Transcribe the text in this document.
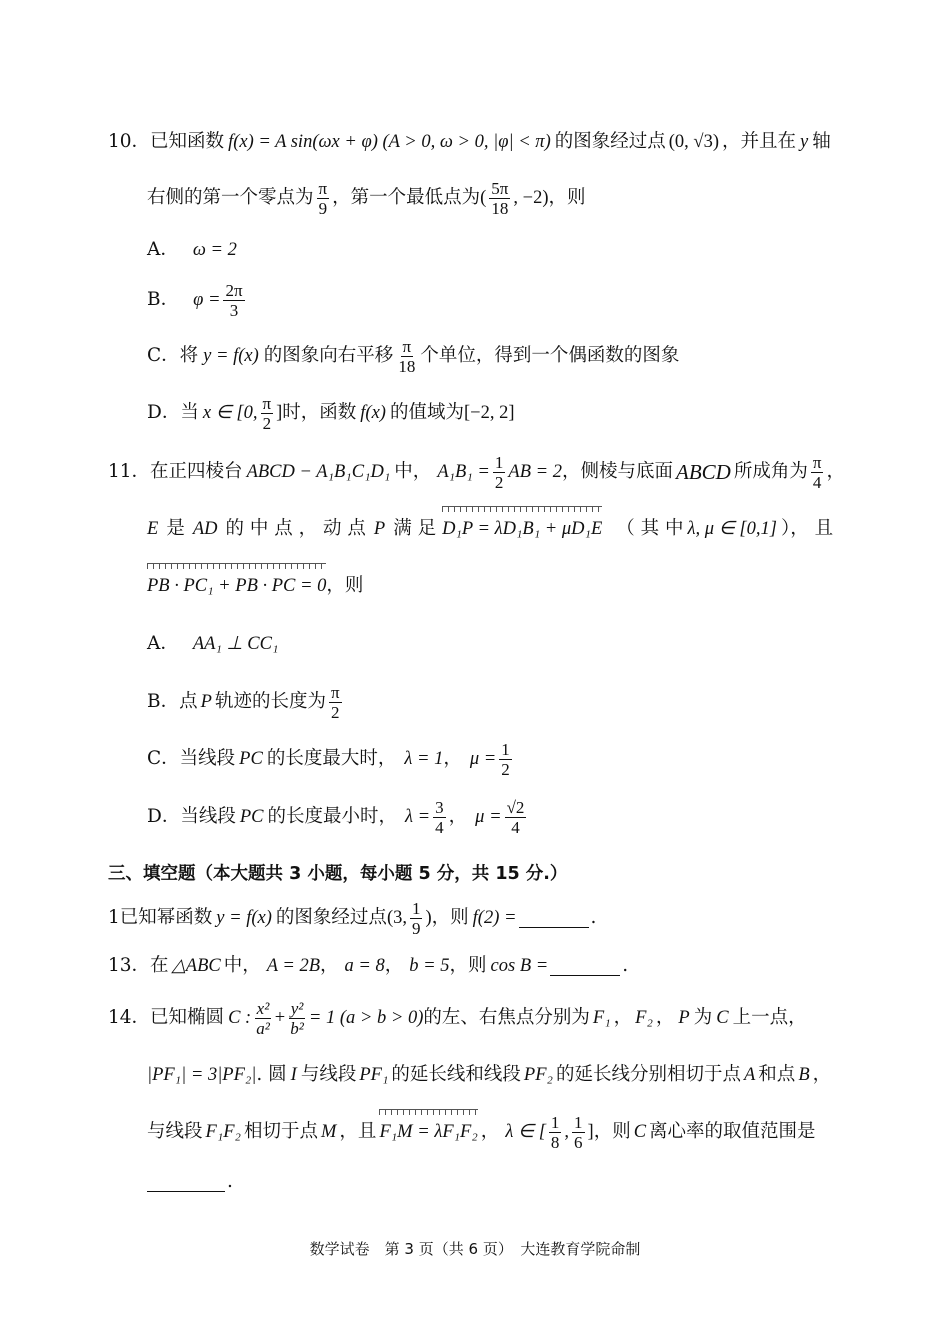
10． 已知函数 f(x) = A sin(ωx + φ) (A > 0, ω > 0, |φ| < π) 的图象经过点 (0, √3) ，并且在 y 轴
右侧的第一个零点为 $\frac{\pi}{9}$ ，第一个最低点为 ( $\frac{5\pi}{18}$ , −2) ，则
A． ω = 2
B． $\varphi = \frac{2\pi}{3}$
C． 将 y = f(x) 的图象向右平移 $\frac{\pi}{18}$ 个单位，得到一个偶函数的图象
D． 当 x ∈ [0, $\frac{\pi}{2}$ ] 时，函数 f(x) 的值域为 [−2, 2]
11． 在正四棱台 ABCD − A₁B₁C₁D₁ 中， $A_1B_1 = \frac{1}{2}$ AB = 2 ，侧棱与底面 ABCD 所成角为 $\frac{\pi}{4}$ ，
E 是 AD 的 中 点 ， 动 点 P 满 足 D₁P = λD₁B₁ + μD₁E （ 其 中 λ, μ ∈ [0,1] ）， 且
PB · PC₁ + PB · PC = 0 ，则
A． AA₁ ⊥ CC₁
B． 点 P 轨迹的长度为 $\frac{\pi}{2}$
C． 当线段 PC 的长度最大时， λ = 1 ， $\mu = \frac{1}{2}$
D． 当线段 PC 的长度最小时， $\lambda = \frac{3}{4}$ ， $\mu = \frac{√2}{4}$
三、填空题（本大题共 3 小题，每小题 5 分，共 15 分.）
1 已知幂函数 y = f(x) 的图象经过点 (3, $\frac{1}{9}$ ) ，则 f(2) =	.
13． 在 △ABC 中， A = 2B ， a = 8 ， b = 5 ，则 cos B =	.
14． 已知椭圆 C : $\frac{\text{x²}}{\text{a²}} + \frac{\text{y²}}{\text{b²}} = 1$ (a > b > 0) 的左、右焦点分别为 F₁ ， F₂ ， P 为 C 上一点，
|PF₁| = 3|PF₂| . 圆 I 与线段 PF₁ 的延长线和线段 PF₂ 的延长线分别相切于点 A 和点 B ，
与线段 F₁F₂ 相切于点 M ，且 F₁M = λF₁F₂ ， λ ∈ [ $\frac{1}{8}$ , $\frac{1}{6}$ ] ，则 C 离心率的取值范围是
.
数学试卷　第 3 页（共 6 页）　大连教育学院命制
